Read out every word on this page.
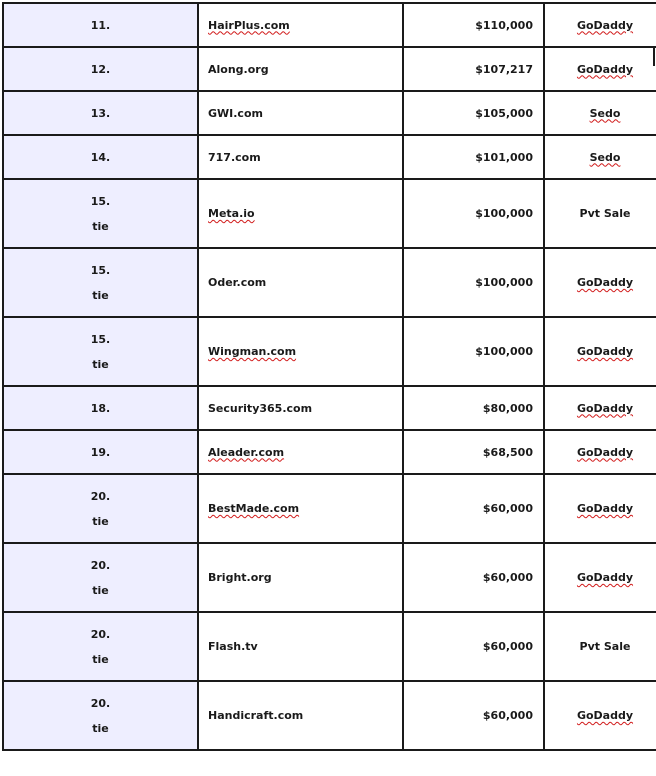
11.	HairPlus.com	$110,000	GoDaddy

12.	Along.org	$107,217	GoDaddy

13.	GWI.com	$105,000	Sedo

14.	717.com	$101,000	Sedo

15.
tie	Meta.io	$100,000	Pvt Sale

15.
tie	Oder.com	$100,000	GoDaddy

15.
tie	Wingman.com	$100,000	GoDaddy

18.	Security365.com	$80,000	GoDaddy

19.	Aleader.com	$68,500	GoDaddy

20.
tie	BestMade.com	$60,000	GoDaddy

20.
tie	Bright.org	$60,000	GoDaddy

20.
tie	Flash.tv	$60,000	Pvt Sale

20.
tie	Handicraft.com	$60,000	GoDaddy
